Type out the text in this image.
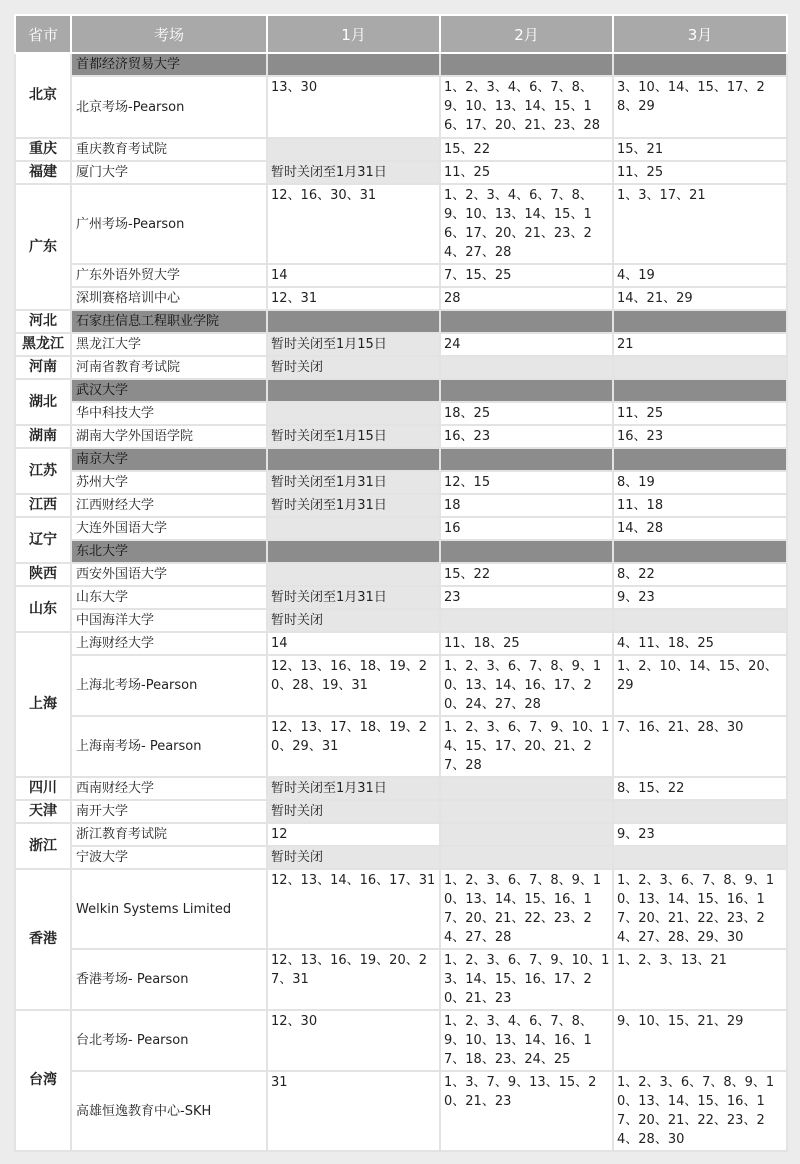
省市	考场	1月	2月	3月
北京	首都经济贸易大学			
	北京考场-Pearson	13、30	1、2、3、4、6、7、8、9、10、13、14、15、16、17、20、21、23、28	3、10、14、15、17、28、29
重庆	重庆教育考试院		15、22	15、21
福建	厦门大学	暂时关闭至1月31日	11、25	11、25
广东	广州考场-Pearson	12、16、30、31	1、2、3、4、6、7、8、9、10、13、14、15、16、17、20、21、23、24、27、28	1、3、17、21
	广东外语外贸大学	14	7、15、25	4、19
	深圳赛格培训中心	12、31	28	14、21、29
河北	石家庄信息工程职业学院			
黑龙江	黑龙江大学	暂时关闭至1月15日	24	21
河南	河南省教育考试院	暂时关闭		
湖北	武汉大学			
	华中科技大学		18、25	11、25
湖南	湖南大学外国语学院	暂时关闭至1月15日	16、23	16、23
江苏	南京大学			
	苏州大学	暂时关闭至1月31日	12、15	8、19
江西	江西财经大学	暂时关闭至1月31日	18	11、18
辽宁	大连外国语大学		16	14、28
	东北大学			
陕西	西安外国语大学		15、22	8、22
山东	山东大学	暂时关闭至1月31日	23	9、23
	中国海洋大学	暂时关闭		
上海	上海财经大学	14	11、18、25	4、11、18、25
	上海北考场-Pearson	12、13、16、18、19、20、28、19、31	1、2、3、6、7、8、9、10、13、14、16、17、20、24、27、28	1、2、10、14、15、20、29
	上海南考场- Pearson	12、13、17、18、19、20、29、31	1、2、3、6、7、9、10、14、15、17、20、21、27、28	7、16、21、28、30
四川	西南财经大学	暂时关闭至1月31日		8、15、22
天津	南开大学	暂时关闭		
浙江	浙江教育考试院	12		9、23
	宁波大学	暂时关闭		
香港	Welkin Systems Limited	12、13、14、16、17、31	1、2、3、6、7、8、9、10、13、14、15、16、17、20、21、22、23、24、27、28	1、2、3、6、7、8、9、10、13、14、15、16、17、20、21、22、23、24、27、28、29、30
	香港考场- Pearson	12、13、16、19、20、27、31	1、2、3、6、7、9、10、13、14、15、16、17、20、21、23	1、2、3、13、21
台湾	台北考场- Pearson	12、30	1、2、3、4、6、7、8、9、10、13、14、16、17、18、23、24、25	9、10、15、21、29
	高雄恒逸教育中心-SKH	31	1、3、7、9、13、15、20、21、23	1、2、3、6、7、8、9、10、13、14、15、16、17、20、21、22、23、24、28、30
